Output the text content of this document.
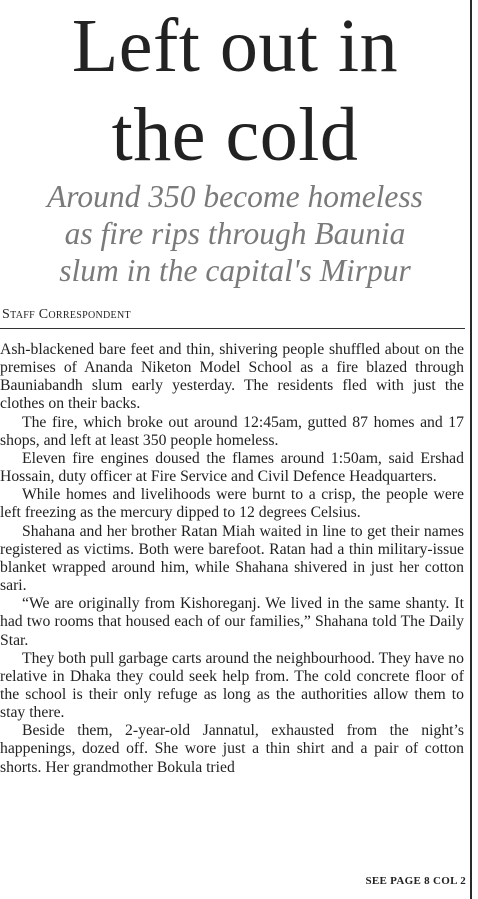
Left out in
the cold
Around 350 become homeless
as fire rips through Baunia
slum in the capital's Mirpur
Staff Correspondent

Ash-blackened bare feet and thin, shivering people shuffled about on the premises of Ananda Niketon Model School as a fire blazed through Bauniabandh slum early yesterday. The residents fled with just the clothes on their backs.

The fire, which broke out around 12:45am, gutted 87 homes and 17 shops, and left at least 350 people homeless.

Eleven fire engines doused the flames around 1:50am, said Ershad Hossain, duty officer at Fire Service and Civil Defence Headquarters.

While homes and livelihoods were burnt to a crisp, the people were left freezing as the mercury dipped to 12 degrees Celsius.

Shahana and her brother Ratan Miah waited in line to get their names registered as victims. Both were barefoot. Ratan had a thin military-issue blanket wrapped around him, while Shahana shivered in just her cotton sari.

“We are originally from Kishoreganj. We lived in the same shanty. It had two rooms that housed each of our families,” Shahana told The Daily Star.

They both pull garbage carts around the neighbourhood. They have no relative in Dhaka they could seek help from. The cold concrete floor of the school is their only refuge as long as the authorities allow them to stay there.

Beside them, 2-year-old Jannatul, exhausted from the night’s happenings, dozed off. She wore just a thin shirt and a pair of cotton shorts. Her grandmother Bokula tried

SEE PAGE 8 COL 2
